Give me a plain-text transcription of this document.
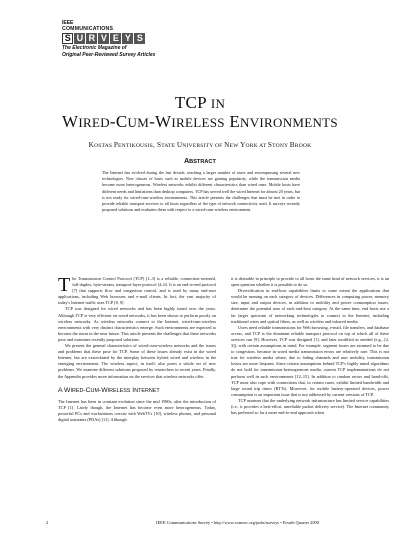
IEEE
COMMUNICATIONS
S U R V E Y S
The Electronic Magazine of
Original Peer-Reviewed Survey Articles
TCP IN
WIRED-CUM-WIRELESS ENVIRONMENTS
KOSTAS PENTIKOUSIS, STATE UNIVERSITY OF NEW YORK AT STONY BROOK
ABSTRACT
The Internet has evolved during the last decade, reaching a larger number of users and encompassing several new technologies. New classes of hosts such as mobile devices are gaining popularity, while the transmission media become more heterogeneous. Wireless networks exhibit different characteristics than wired ones. Mobile hosts have different needs and limitations than desktop computers. TCP has served well the wired Internet for almost 20 years, but is not ready for wired-cum-wireless environments. This article presents the challenges that must be met in order to provide reliable transport services to all hosts regardless of the type of network connectivity used. It surveys recently proposed solutions and evaluates them with respect to a wired-cum-wireless environment.

The Transmission Control Protocol (TCP) [1–3] is a reliable, connection-oriented, full-duplex, byte-stream, transport-layer protocol [4–6]. It is an end-to-end protocol [7] that supports flow and congestion control, and is used by many end-user applications, including Web browsers and e-mail clients. In fact, the vast majority of today's Internet traffic uses TCP [8, 9].

TCP was designed for wired networks and has been highly tuned over the years. Although TCP is very efficient on wired networks, it has been shown to perform poorly on wireless networks. As wireless networks connect to the Internet, wired-cum-wireless environments with very distinct characteristics emerge. Such environments are expected to become the norm in the near future. This article presents the challenges that these networks pose and examines recently proposed solutions.

We present the general characteristics of wired-cum-wireless networks and the issues and problems that these pose for TCP. Some of these issues already exist in the wired Internet, but are exacerbated by the interplay between hybrid wired and wireless in the emerging environment. The wireless aspect, in itself, also poses a whole set of new problems. We examine different solutions proposed by researchers in recent years. Finally, the Appendix provides more information on the services that wireless networks offer.

A WIRED-CUM-WIRELESS INTERNET

The Internet has been in constant evolution since the mid 1980s, after the introduction of TCP [1]. Lately though, the Internet has become even more heterogeneous. Today, powerful PCs and workstations coexist with WebTVs [10], wireless phones, and personal digital assistants (PDAs) [11]. Although

it is desirable in principle to provide to all hosts the same kind of network services, it is an open question whether it is possible to do so.

Diversification in end-host capabilities limits to some extent the applications that would be running on each category of devices. Differences in computing power, memory size, input and output devices, in addition to mobility and power consumption issues, determine the potential uses of each end-host category. At the same time, end hosts use a far larger spectrum of networking technologies to connect to the Internet, including traditional wires and optical fibers, as well as wireless and infrared media.

Users need reliable transmissions for Web browsing, e-mail, file transfers, and database access, and TCP is the dominant reliable transport protocol on top of which all of these services run [9]. However, TCP was designed [1], and later modified as needed (e.g., [2, 3]), with certain assumptions in mind. For example, segment losses are assumed to be due to congestion, because in wired media transmission errors are relatively rare. This is not true for wireless media where, due to fading channels and user mobility, transmission losses are more frequent. Since certain assumptions behind TCP's highly tuned algorithms do not hold for transmission-heterogeneous media, current TCP implementations do not perform well in such environments [12–15]. In addition to random errors and hand-offs, TCP must also cope with connections that, in certain cases, exhibit limited bandwidth and large round trip times (RTTs). Moreover, for mobile battery-operated devices, power consumption is an important issue that is not addressed by current versions of TCP.

TCP assumes that the underlying network infrastructure has limited service capabilities (i.e., it provides a best-effort, unreliable packet delivery service). The Internet community has preferred so far a more end-to-end approach when

2	IEEE Communications Survey • http://www.comsoc.org/pubs/surveys • Fourth Quarter 2000
